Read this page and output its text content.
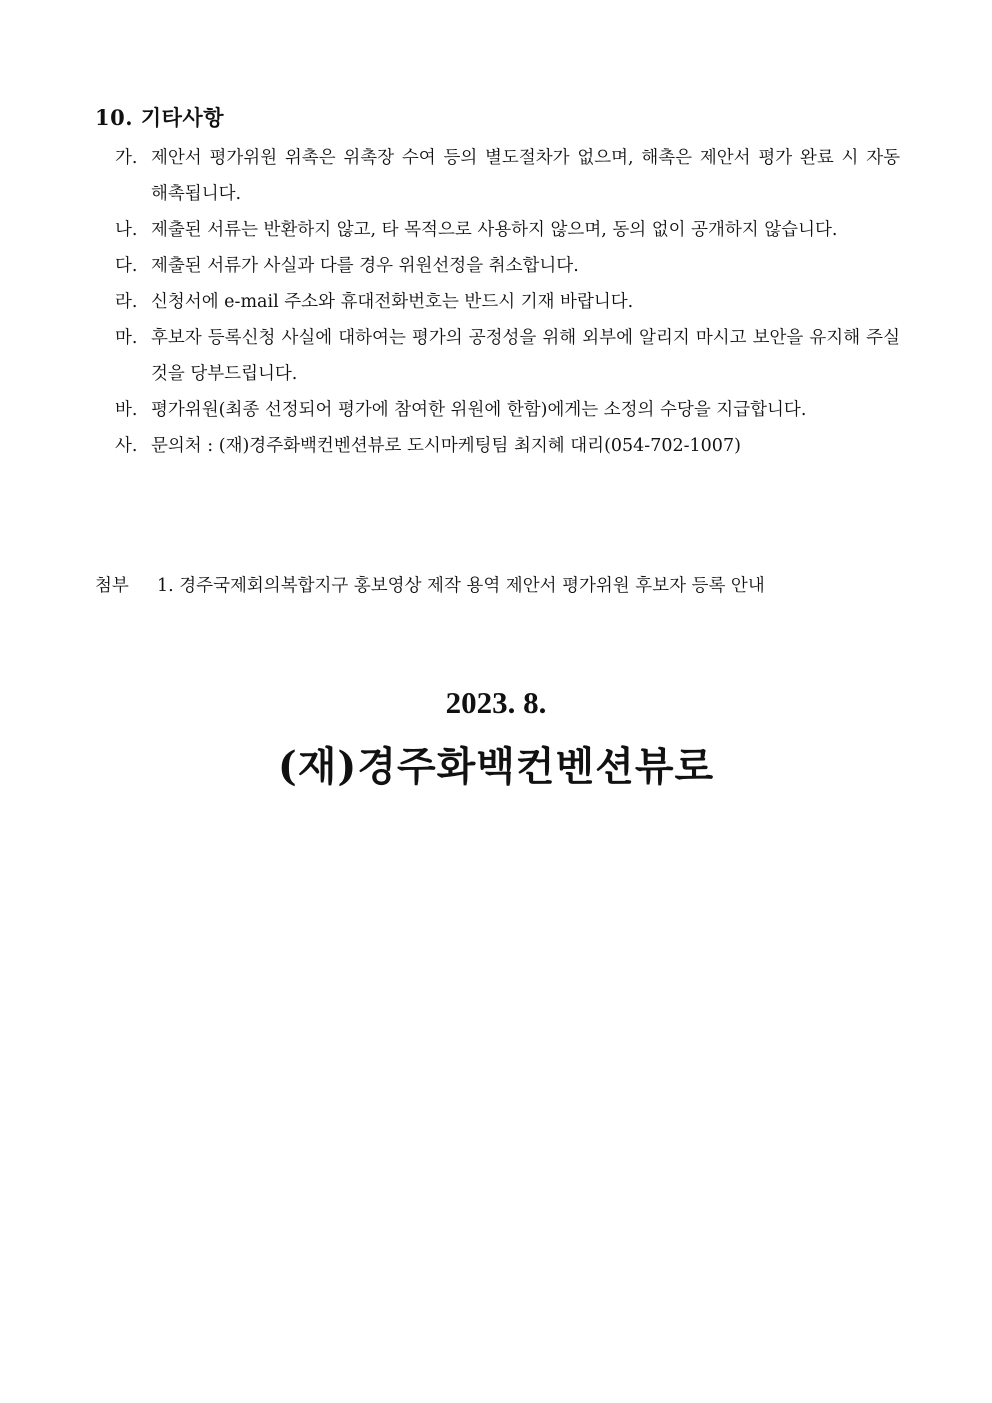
10. 기타사항
가. 제안서 평가위원 위촉은 위촉장 수여 등의 별도절차가 없으며, 해촉은 제안서 평가 완료 시 자동 해촉됩니다.
나. 제출된 서류는 반환하지 않고, 타 목적으로 사용하지 않으며, 동의 없이 공개하지 않습니다.
다. 제출된 서류가 사실과 다를 경우 위원선정을 취소합니다.
라. 신청서에 e-mail 주소와 휴대전화번호는 반드시 기재 바랍니다.
마. 후보자 등록신청 사실에 대하여는 평가의 공정성을 위해 외부에 알리지 마시고 보안을 유지해 주실 것을 당부드립니다.
바. 평가위원(최종 선정되어 평가에 참여한 위원에 한함)에게는 소정의 수당을 지급합니다.
사. 문의처 : (재)경주화백컨벤션뷰로 도시마케팅팀 최지혜 대리(054-702-1007)
첨부 1. 경주국제회의복합지구 홍보영상 제작 용역 제안서 평가위원 후보자 등록 안내
2023. 8.
(재)경주화백컨벤션뷰로
